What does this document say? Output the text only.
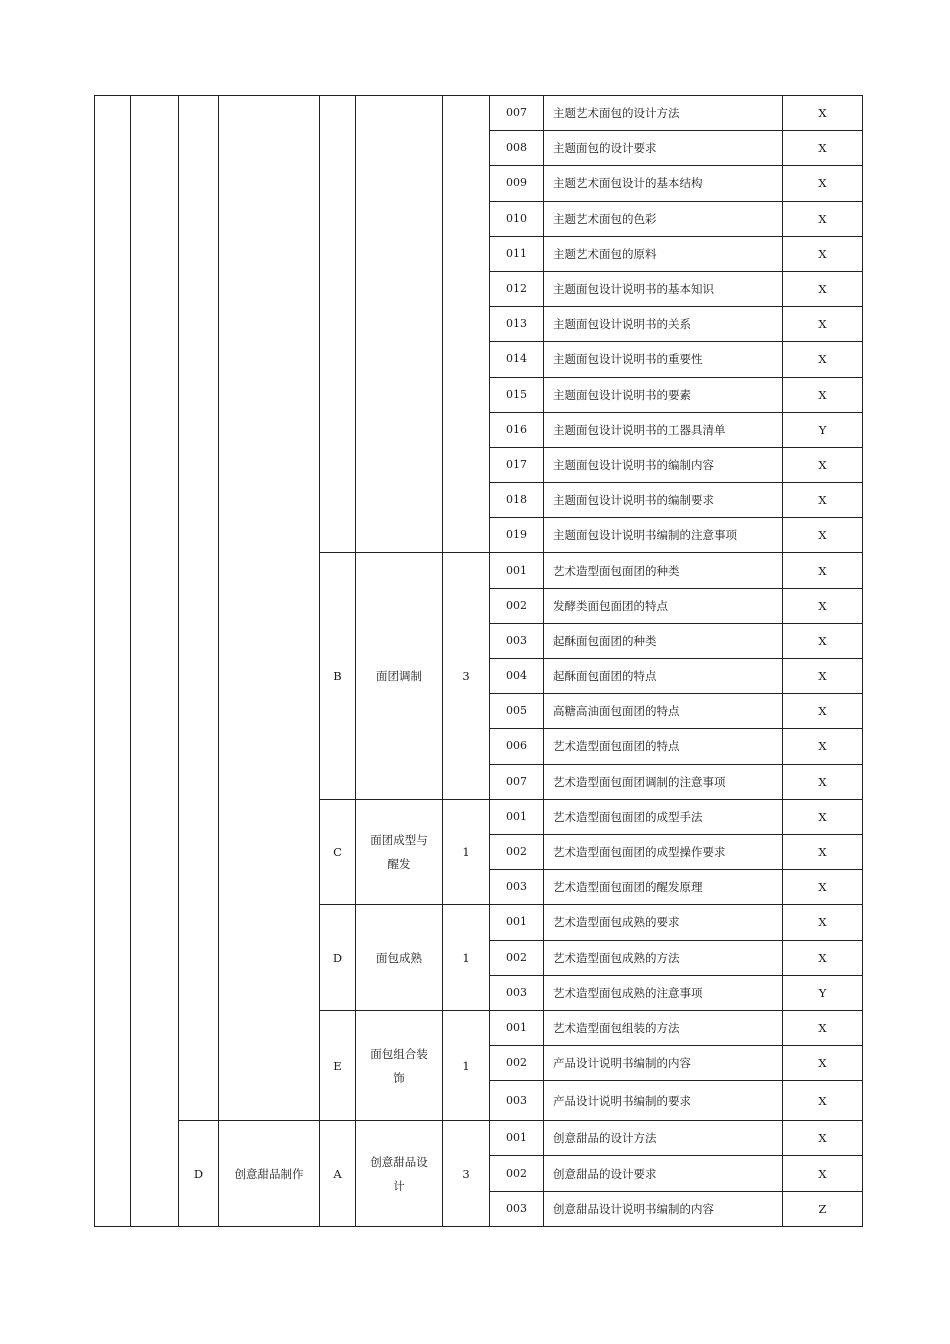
							007	主题艺术面包的设计方法	X
							008	主题面包的设计要求	X
							009	主题艺术面包设计的基本结构	X
							010	主题艺术面包的色彩	X
							011	主题艺术面包的原料	X
							012	主题面包设计说明书的基本知识	X
							013	主题面包设计说明书的关系	X
							014	主题面包设计说明书的重要性	X
							015	主题面包设计说明书的要素	X
							016	主题面包设计说明书的工器具清单	Y
							017	主题面包设计说明书的编制内容	X
							018	主题面包设计说明书的编制要求	X
							019	主题面包设计说明书编制的注意事项	X
				B	面团调制	3	001	艺术造型面包面团的种类	X
							002	发酵类面包面团的特点	X
							003	起酥面包面团的种类	X
							004	起酥面包面团的特点	X
							005	高糖高油面包面团的特点	X
							006	艺术造型面包面团的特点	X
							007	艺术造型面包面团调制的注意事项	X
				C	面团成型与醒发	1	001	艺术造型面包面团的成型手法	X
							002	艺术造型面包面团的成型操作要求	X
							003	艺术造型面包面团的醒发原理	X
				D	面包成熟	1	001	艺术造型面包成熟的要求	X
							002	艺术造型面包成熟的方法	X
							003	艺术造型面包成熟的注意事项	Y
				E	面包组合装饰	1	001	艺术造型面包组装的方法	X
							002	产品设计说明书编制的内容	X
							003	产品设计说明书编制的要求	X
		D	创意甜品制作	A	创意甜品设计	3	001	创意甜品的设计方法	X
							002	创意甜品的设计要求	X
							003	创意甜品设计说明书编制的内容	Z
